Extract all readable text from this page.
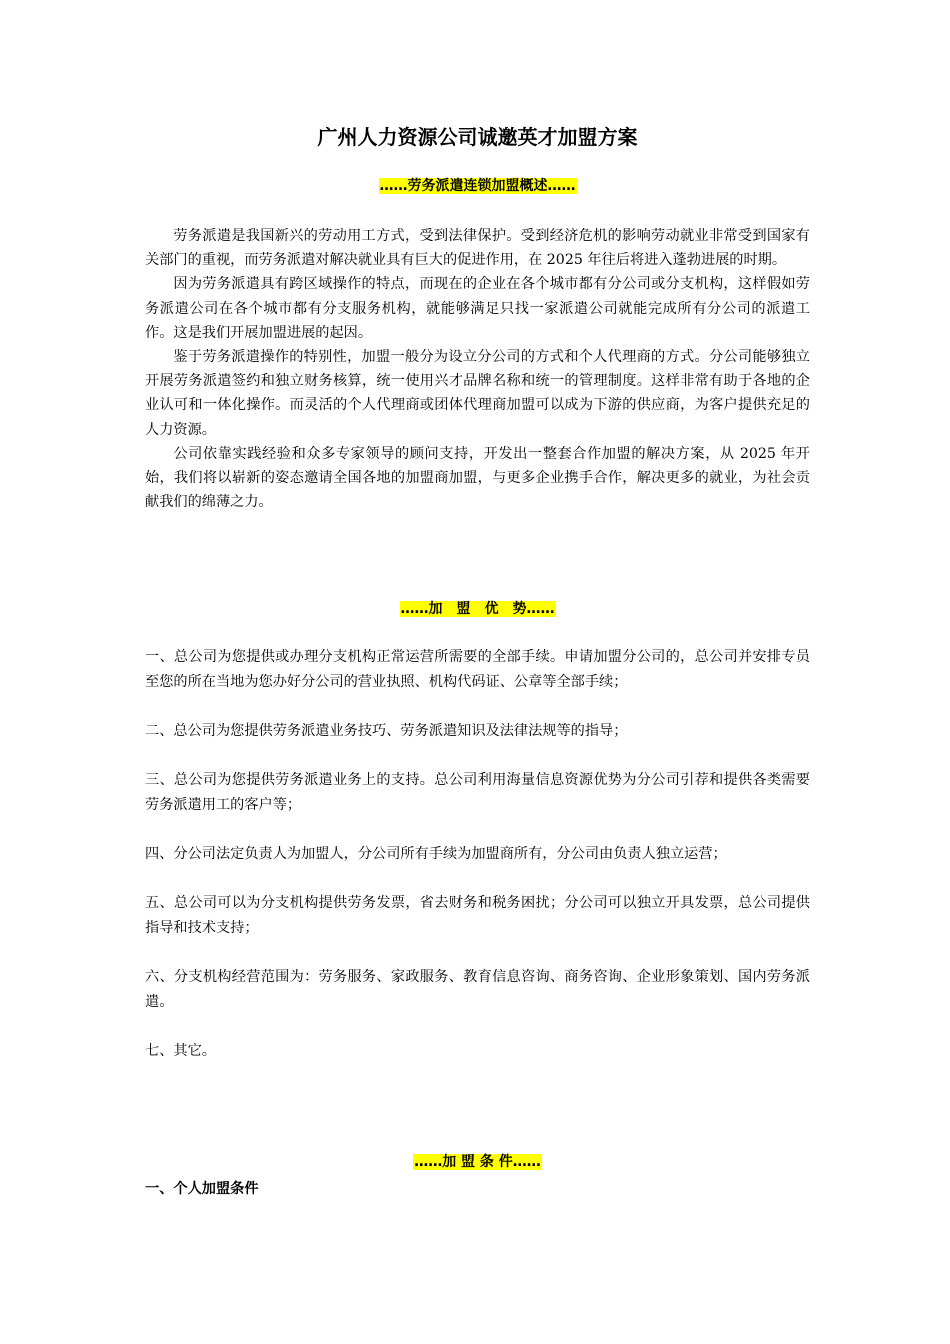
广州人力资源公司诚邀英才加盟方案
……劳务派遣连锁加盟概述……

劳务派遣是我国新兴的劳动用工方式，受到法律保护。受到经济危机的影响劳动就业非常受到国家有关部门的重视，而劳务派遣对解决就业具有巨大的促进作用，在 2025 年往后将进入蓬勃进展的时期。

因为劳务派遣具有跨区域操作的特点，而现在的企业在各个城市都有分公司或分支机构，这样假如劳务派遣公司在各个城市都有分支服务机构，就能够满足只找一家派遣公司就能完成所有分公司的派遣工作。这是我们开展加盟进展的起因。

鉴于劳务派遣操作的特别性，加盟一般分为设立分公司的方式和个人代理商的方式。分公司能够独立开展劳务派遣签约和独立财务核算，统一使用兴才品牌名称和统一的管理制度。这样非常有助于各地的企业认可和一体化操作。而灵活的个人代理商或团体代理商加盟可以成为下游的供应商，为客户提供充足的人力资源。

公司依靠实践经验和众多专家领导的顾问支持，开发出一整套合作加盟的解决方案，从 2025 年开始，我们将以崭新的姿态邀请全国各地的加盟商加盟，与更多企业携手合作，解决更多的就业，为社会贡献我们的绵薄之力。

……加　盟　优　势……

一、总公司为您提供或办理分支机构正常运营所需要的全部手续。申请加盟分公司的，总公司并安排专员至您的所在当地为您办好分公司的营业执照、机构代码证、公章等全部手续；

二、总公司为您提供劳务派遣业务技巧、劳务派遣知识及法律法规等的指导；

三、总公司为您提供劳务派遣业务上的支持。总公司利用海量信息资源优势为分公司引荐和提供各类需要劳务派遣用工的客户等；

四、分公司法定负责人为加盟人，分公司所有手续为加盟商所有，分公司由负责人独立运营；

五、总公司可以为分支机构提供劳务发票，省去财务和税务困扰；分公司可以独立开具发票，总公司提供指导和技术支持；

六、分支机构经营范围为：劳务服务、家政服务、教育信息咨询、商务咨询、企业形象策划、国内劳务派遣。

七、其它。

……加 盟 条 件……
一、个人加盟条件
